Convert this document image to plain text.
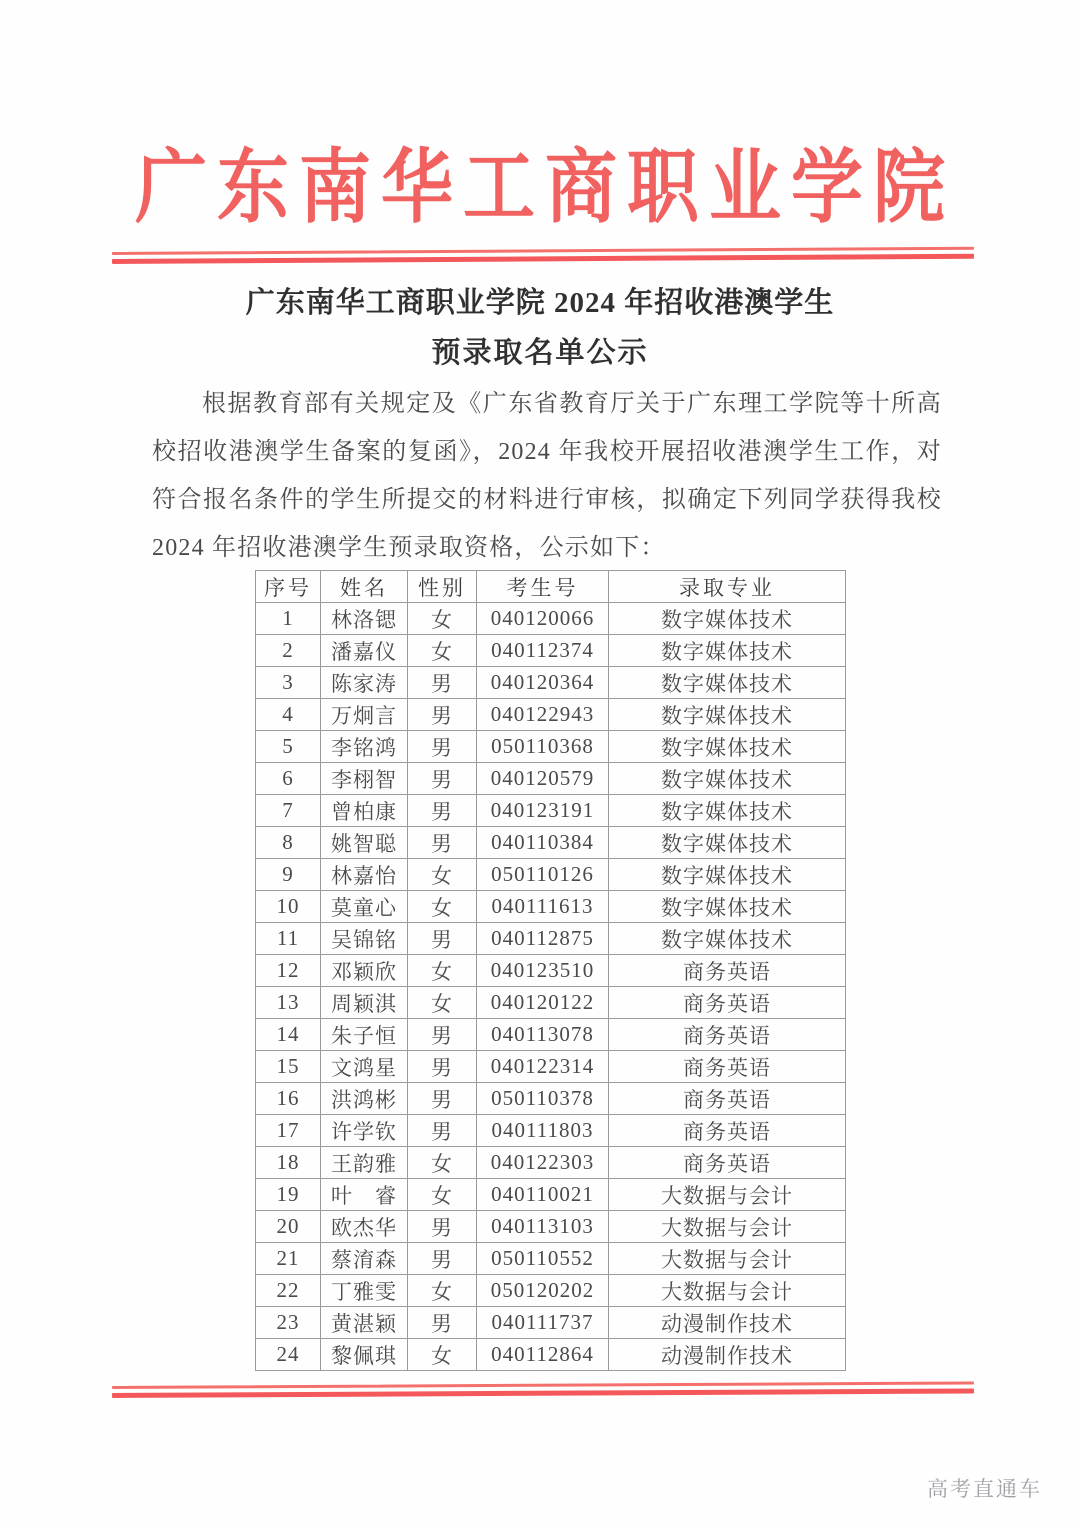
广东南华工商职业学院
广东南华工商职业学院 2024 年招收港澳学生
预录取名单公示
根据教育部有关规定及《广东省教育厅关于广东理工学院等十所高校招收港澳学生备案的复函》，2024 年我校开展招收港澳学生工作，对符合报名条件的学生所提交的材料进行审核，拟确定下列同学获得我校 2024 年招收港澳学生预录取资格，公示如下：
序号	姓名	性别	考生号	录取专业
1	林洛锶	女	040120066	数字媒体技术
2	潘嘉仪	女	040112374	数字媒体技术
3	陈家涛	男	040120364	数字媒体技术
4	万炯言	男	040122943	数字媒体技术
5	李铭鸿	男	050110368	数字媒体技术
6	李栩智	男	040120579	数字媒体技术
7	曾柏康	男	040123191	数字媒体技术
8	姚智聪	男	040110384	数字媒体技术
9	林嘉怡	女	050110126	数字媒体技术
10	莫童心	女	040111613	数字媒体技术
11	吴锦铭	男	040112875	数字媒体技术
12	邓颖欣	女	040123510	商务英语
13	周颖淇	女	040120122	商务英语
14	朱子恒	男	040113078	商务英语
15	文鸿星	男	040122314	商务英语
16	洪鸿彬	男	050110378	商务英语
17	许学钦	男	040111803	商务英语
18	王韵雅	女	040122303	商务英语
19	叶　睿	女	040110021	大数据与会计
20	欧杰华	男	040113103	大数据与会计
21	蔡淯森	男	050110552	大数据与会计
22	丁雅雯	女	050120202	大数据与会计
23	黄湛颖	男	040111737	动漫制作技术
24	黎佩琪	女	040112864	动漫制作技术
高考直通车
